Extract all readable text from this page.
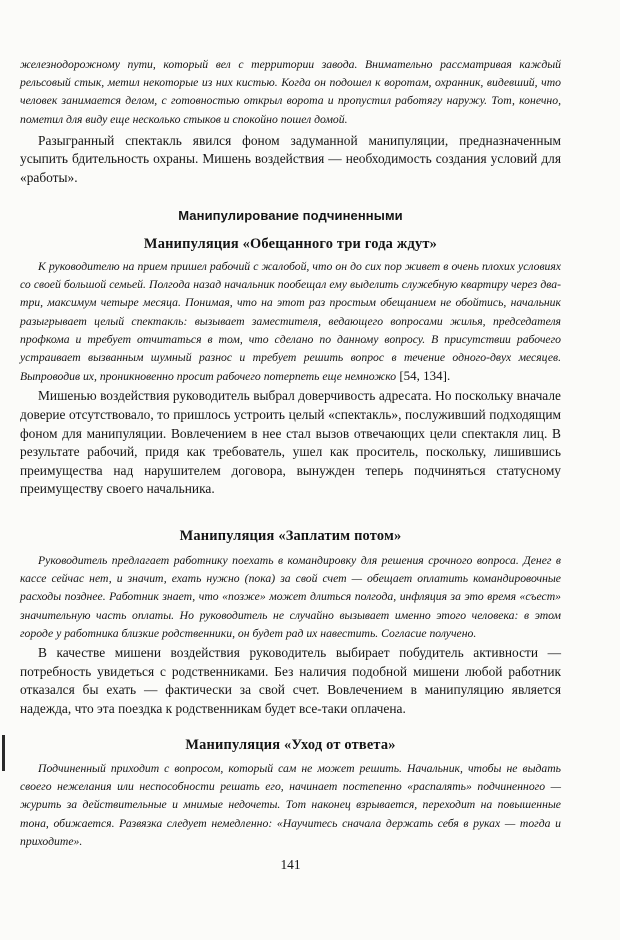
железнодорожному пути, который вел с территории завода. Внимательно рассматривая каждый рельсовый стык, метил некоторые из них кистью. Когда он подошел к воротам, охранник, видевший, что человек занимается делом, с готовностью открыл ворота и пропустил работягу наружу. Тот, конечно, пометил для виду еще несколько стыков и спокойно пошел домой.

Разыгранный спектакль явился фоном задуманной манипуляции, предназначенным усыпить бдительность охраны. Мишень воздействия — необходимость создания условий для «работы».

Манипулирование подчиненными
Манипуляция «Обещанного три года ждут»

К руководителю на прием пришел рабочий с жалобой, что он до сих пор живет в очень плохих условиях со своей большой семьей. Полгода назад начальник пообещал ему выделить служебную квартиру через два-три, максимум четыре месяца. Понимая, что на этот раз простым обещанием не обойтись, начальник разыгрывает целый спектакль: вызывает заместителя, ведающего вопросами жилья, председателя профкома и требует отчитаться в том, что сделано по данному вопросу. В присутствии рабочего устраивает вызванным шумный разнос и требует решить вопрос в течение одного-двух месяцев. Выпроводив их, проникновенно просит рабочего потерпеть еще немножко [54, 134].

Мишенью воздействия руководитель выбрал доверчивость адресата. Но поскольку вначале доверие отсутствовало, то пришлось устроить целый «спектакль», послуживший подходящим фоном для манипуляции. Вовлечением в нее стал вызов отвечающих цели спектакля лиц. В результате рабочий, придя как требователь, ушел как проситель, поскольку, лишившись преимущества над нарушителем договора, вынужден теперь подчиняться статусному преимуществу своего начальника.

Манипуляция «Заплатим потом»

Руководитель предлагает работнику поехать в командировку для решения срочного вопроса. Денег в кассе сейчас нет, и значит, ехать нужно (пока) за свой счет — обещает оплатить командировочные расходы позднее. Работник знает, что «позже» может длиться полгода, инфляция за это время «съест» значительную часть оплаты. Но руководитель не случайно вызывает именно этого человека: в этом городе у работника близкие родственники, он будет рад их навестить. Согласие получено.

В качестве мишени воздействия руководитель выбирает побудитель активности — потребность увидеться с родственниками. Без наличия подобной мишени любой работник отказался бы ехать — фактически за свой счет. Вовлечением в манипуляцию является надежда, что эта поездка к родственникам будет все-таки оплачена.

Манипуляция «Уход от ответа»

Подчиненный приходит с вопросом, который сам не может решить. Начальник, чтобы не выдать своего нежелания или неспособности решать его, начинает постепенно «распалять» подчиненного — журить за действительные и мнимые недочеты. Тот наконец взрывается, переходит на повышенные тона, обижается. Развязка следует немедленно: «Научитесь сначала держать себя в руках — тогда и приходите».

141
